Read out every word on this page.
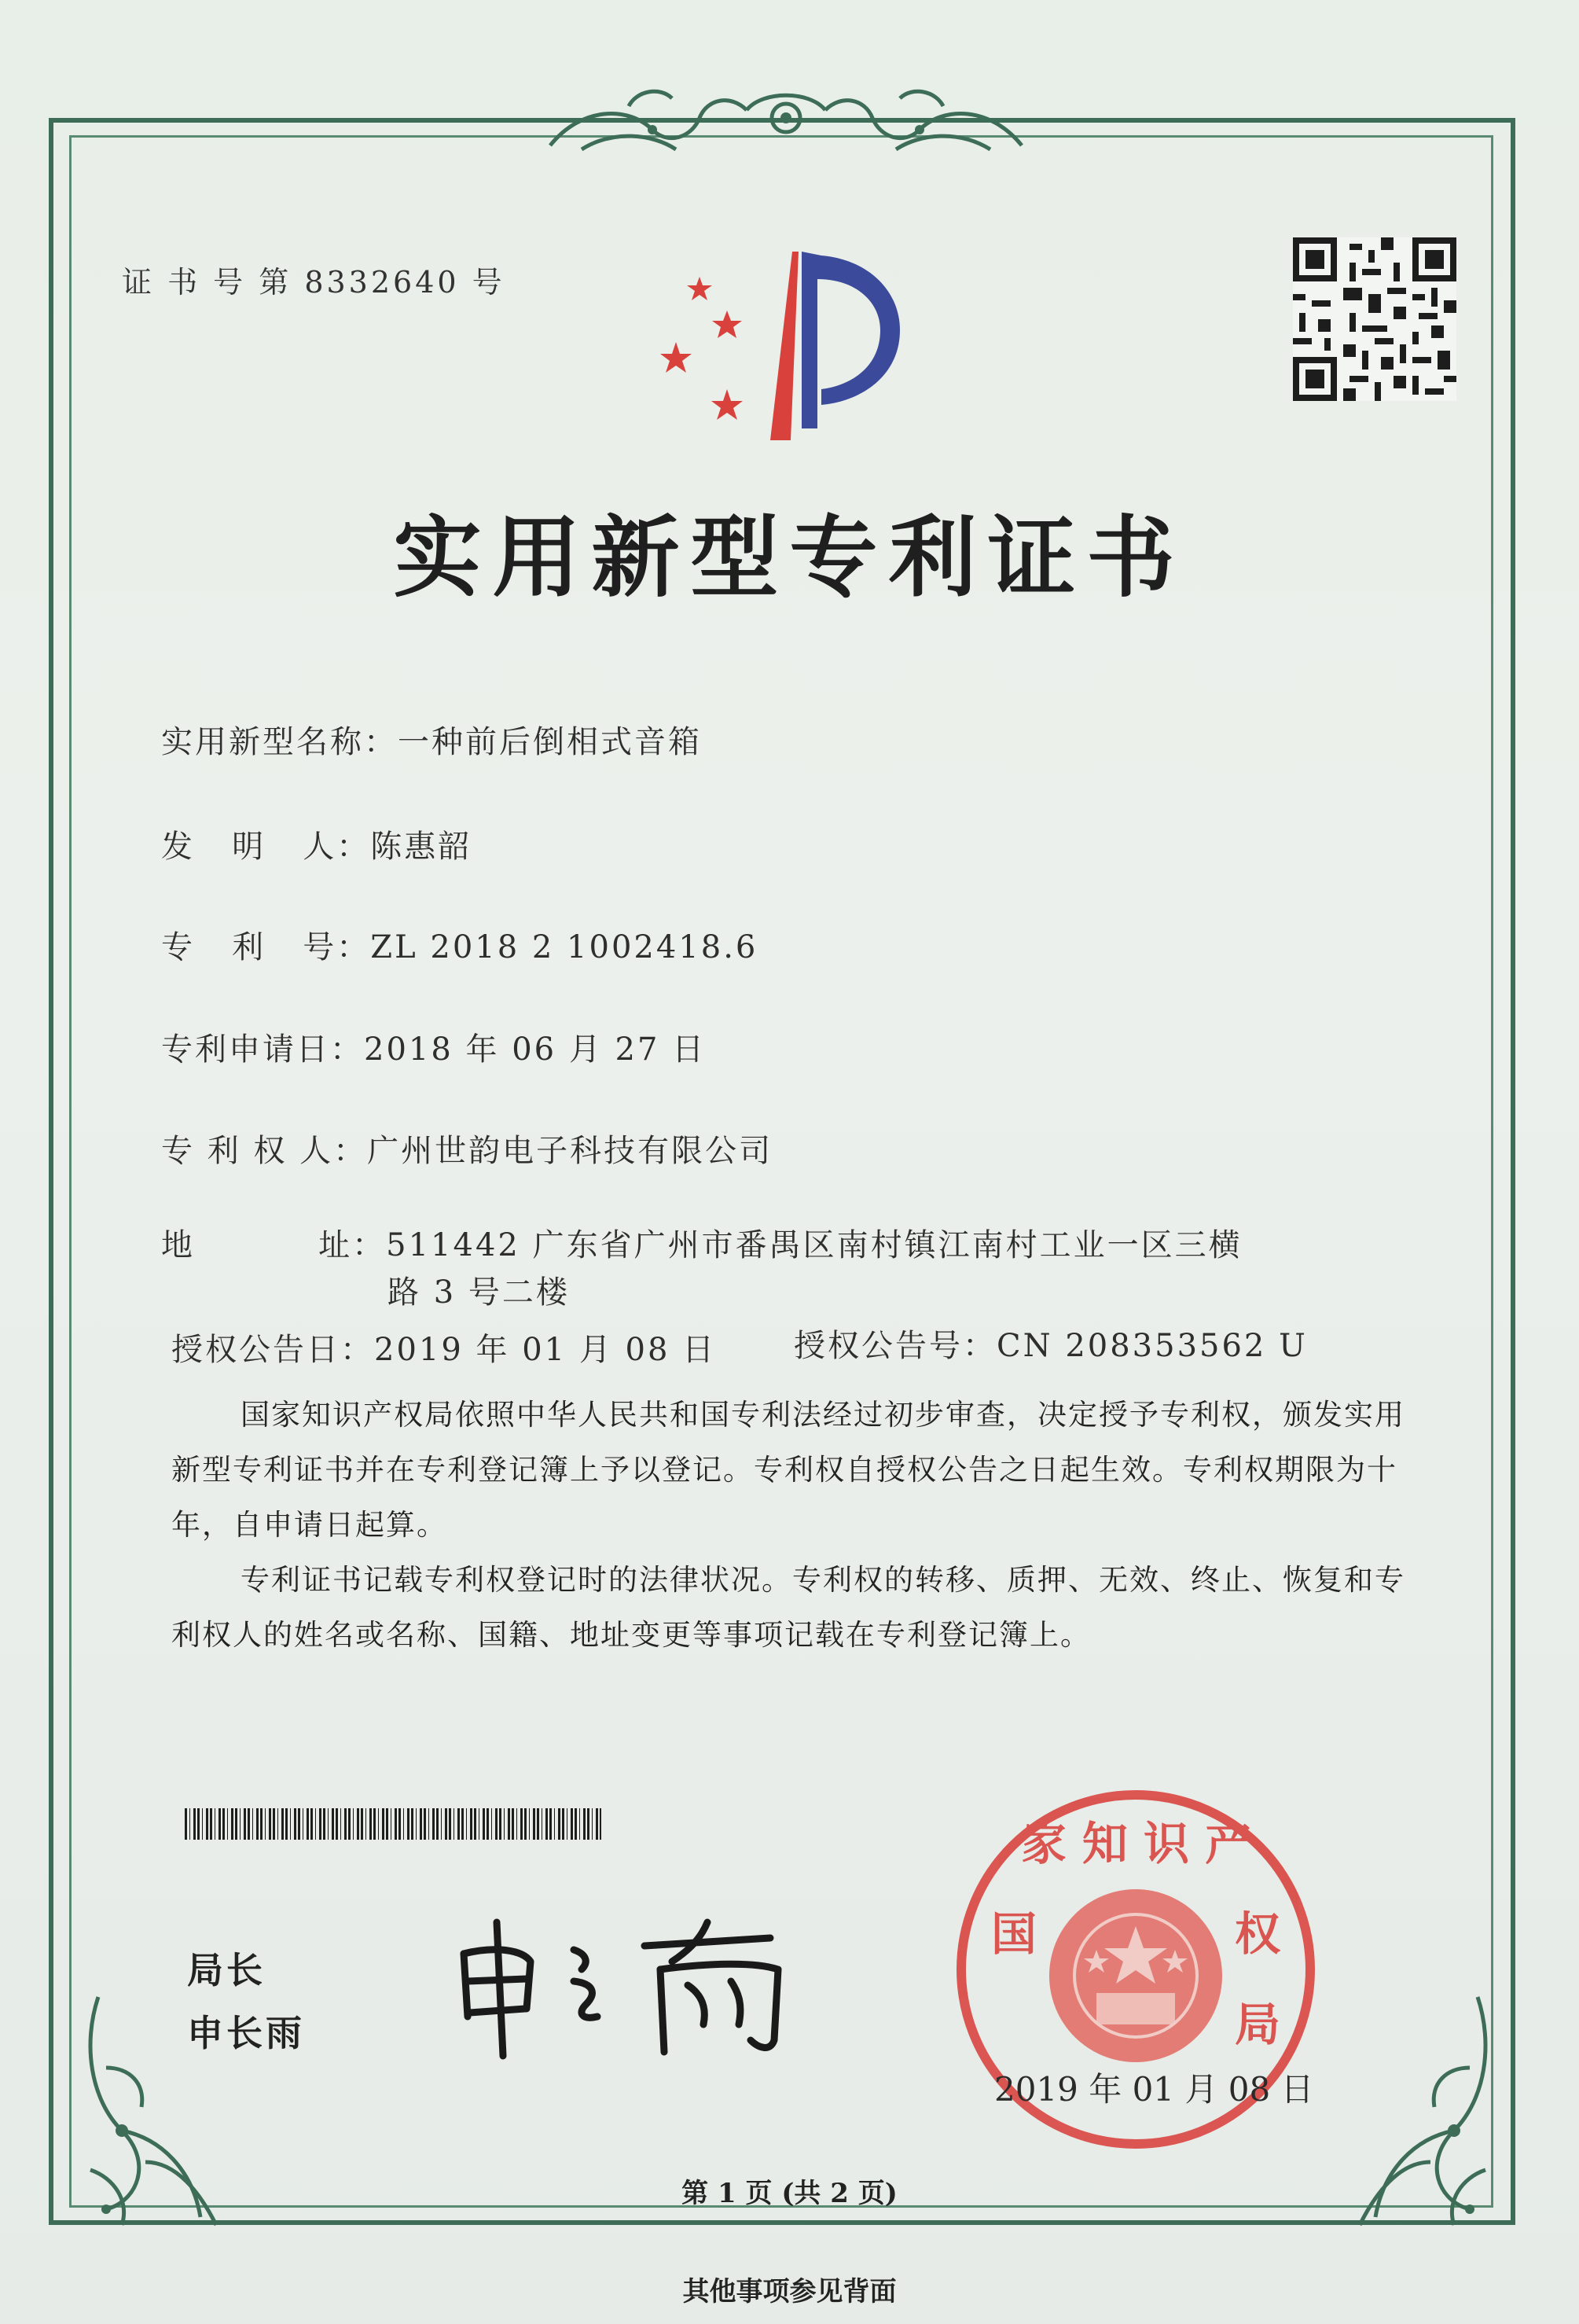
证 书 号 第 8332640 号
实用新型专利证书
实用新型名称：一种前后倒相式音箱
发   明   人：陈惠韶
专   利   号：ZL 2018 2 1002418.6
专利申请日：2018 年 06 月 27 日
专 利 权 人：广州世韵电子科技有限公司
地          址：511442 广东省广州市番禺区南村镇江南村工业一区三横
路 3 号二楼
授权公告日：2019 年 01 月 08 日 授权公告号：CN 208353562 U

国家知识产权局依照中华人民共和国专利法经过初步审查，决定授予专利权，颁发实用新型专利证书并在专利登记簿上予以登记。专利权自授权公告之日起生效。专利权期限为十年，自申请日起算。

专利证书记载专利权登记时的法律状况。专利权的转移、质押、无效、终止、恢复和专利权人的姓名或名称、国籍、地址变更等事项记载在专利登记簿上。

局长
申长雨
家 知 识 产
国	权
局
2019 年 01 月 08 日
第 1 页 (共 2 页)
其他事项参见背面
